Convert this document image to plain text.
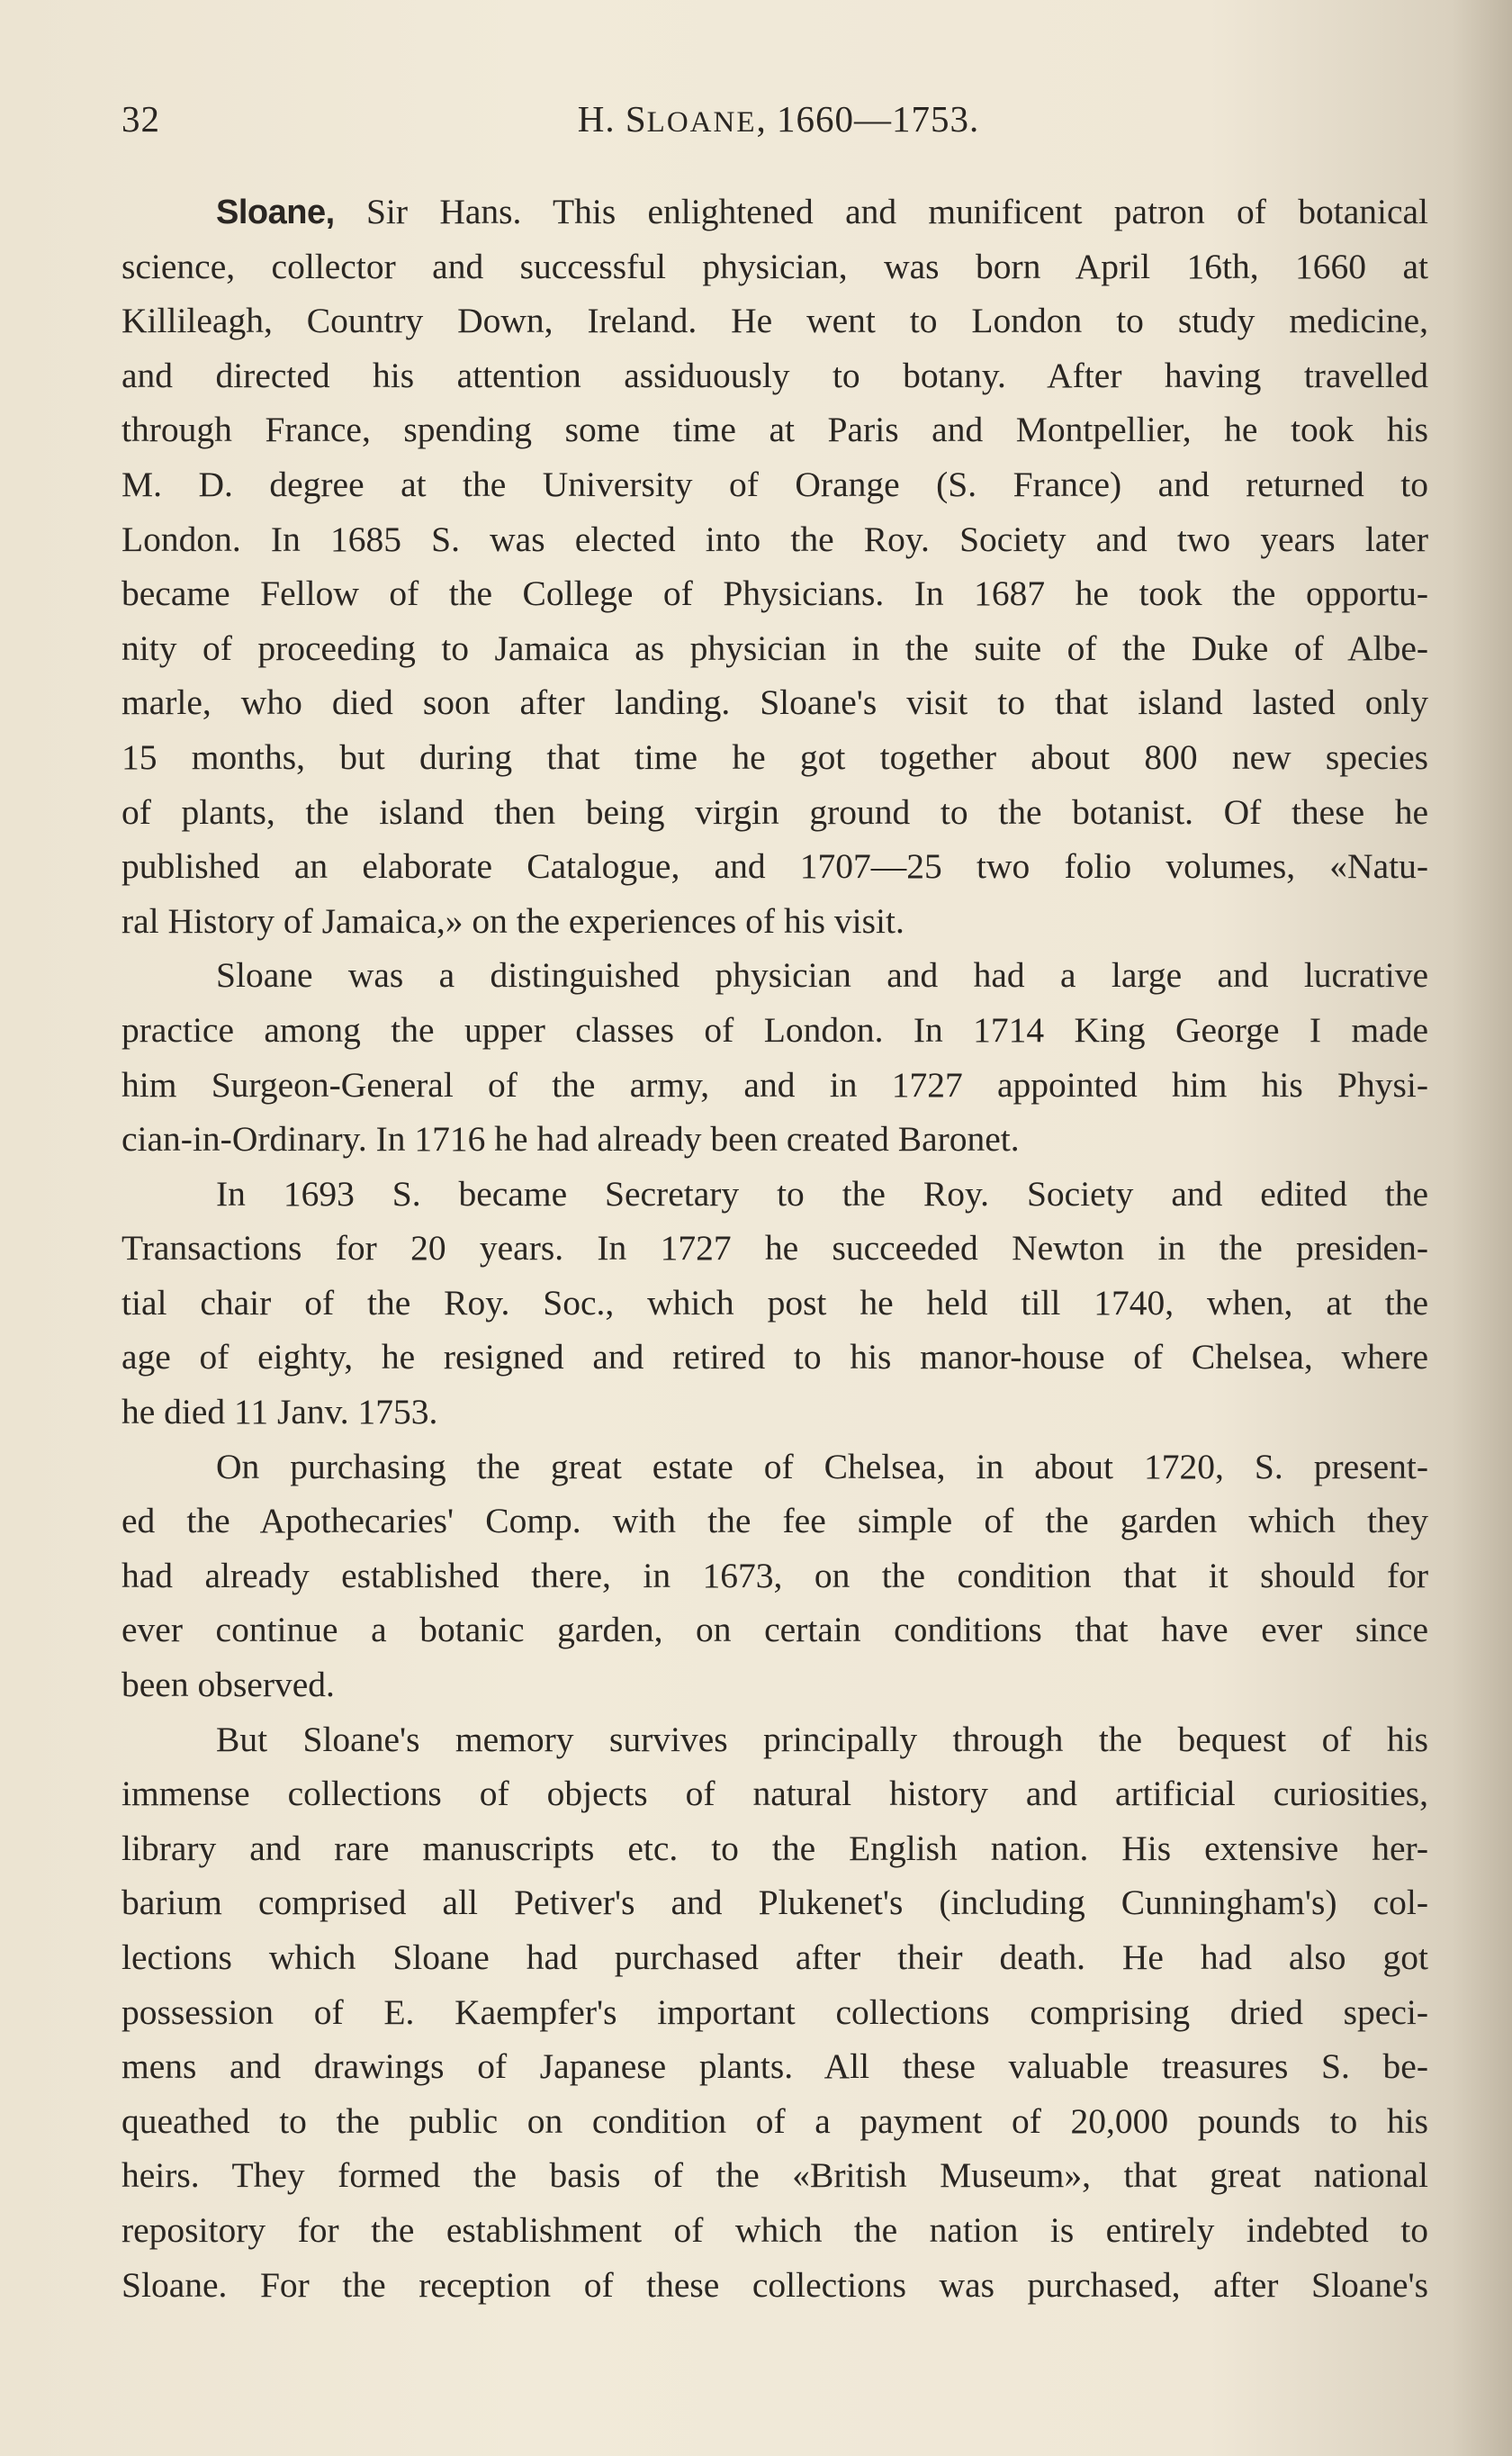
32	H. SLOANE, 1660—1753.

Sloane, Sir Hans. This enlightened and munificent patron of botanical
science, collector and successful physician, was born April 16th, 1660 at
Killileagh, Country Down, Ireland. He went to London to study medicine,
and directed his attention assiduously to botany. After having travelled
through France, spending some time at Paris and Montpellier, he took his
M. D. degree at the University of Orange (S. France) and returned to
London. In 1685 S. was elected into the Roy. Society and two years later
became Fellow of the College of Physicians. In 1687 he took the opportu-
nity of proceeding to Jamaica as physician in the suite of the Duke of Albe-
marle, who died soon after landing. Sloane's visit to that island lasted only
15 months, but during that time he got together about 800 new species
of plants, the island then being virgin ground to the botanist. Of these he
published an elaborate Catalogue, and 1707—25 two folio volumes, «Natu-
ral History of Jamaica,» on the experiences of his visit.

Sloane was a distinguished physician and had a large and lucrative
practice among the upper classes of London. In 1714 King George I made
him Surgeon-General of the army, and in 1727 appointed him his Physi-
cian-in-Ordinary. In 1716 he had already been created Baronet.

In 1693 S. became Secretary to the Roy. Society and edited the
Transactions for 20 years. In 1727 he succeeded Newton in the presiden-
tial chair of the Roy. Soc., which post he held till 1740, when, at the
age of eighty, he resigned and retired to his manor-house of Chelsea, where
he died 11 Janv. 1753.

On purchasing the great estate of Chelsea, in about 1720, S. present-
ed the Apothecaries' Comp. with the fee simple of the garden which they
had already established there, in 1673, on the condition that it should for
ever continue a botanic garden, on certain conditions that have ever since
been observed.

But Sloane's memory survives principally through the bequest of his
immense collections of objects of natural history and artificial curiosities,
library and rare manuscripts etc. to the English nation. His extensive her-
barium comprised all Petiver's and Plukenet's (including Cunningham's) col-
lections which Sloane had purchased after their death. He had also got
possession of E. Kaempfer's important collections comprising dried speci-
mens and drawings of Japanese plants. All these valuable treasures S. be-
queathed to the public on condition of a payment of 20,000 pounds to his
heirs. They formed the basis of the «British Museum», that great national
repository for the establishment of which the nation is entirely indebted to
Sloane. For the reception of these collections was purchased, after Sloane's
